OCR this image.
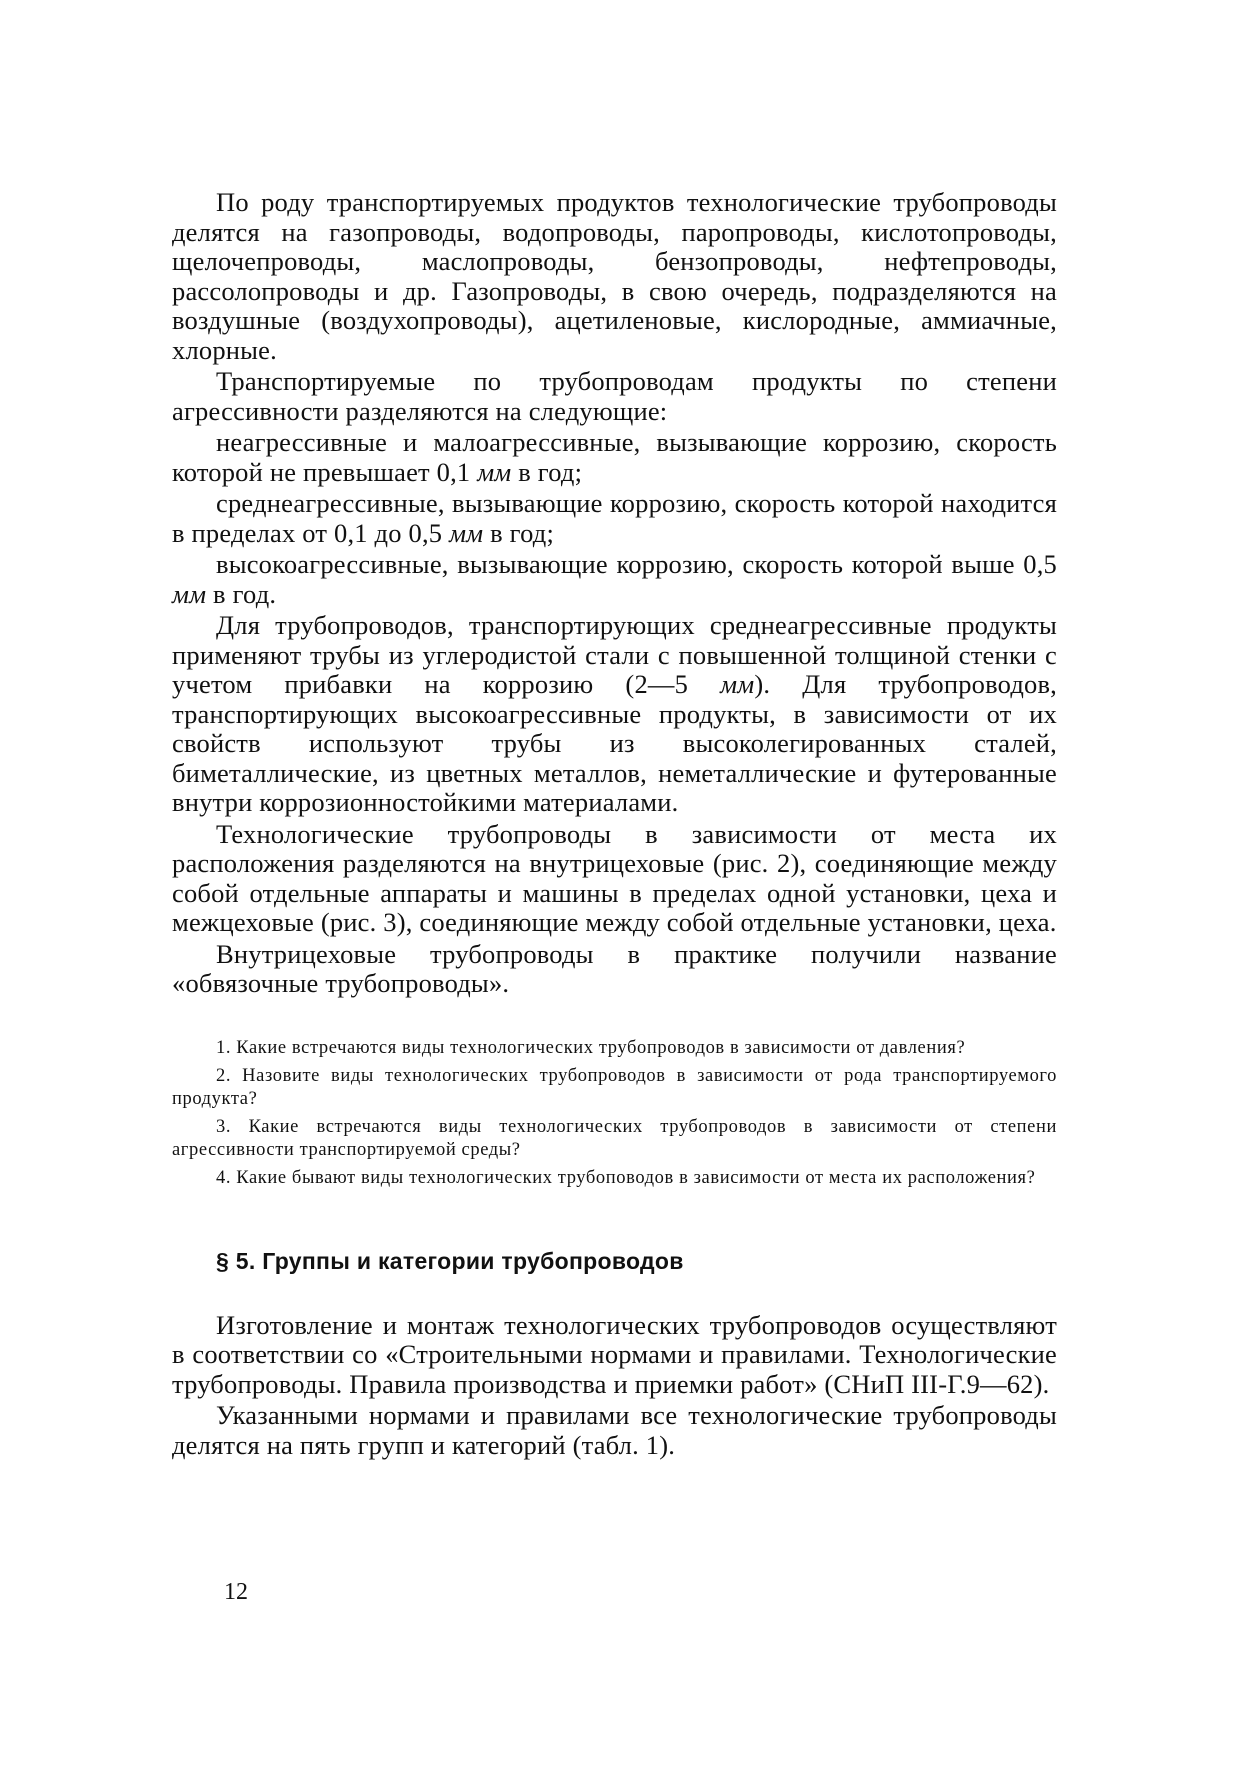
По роду транспортируемых продуктов технологические трубопроводы делятся на газопроводы, водопроводы, паропроводы, кислотопроводы, щелочепроводы, маслопроводы, бензопроводы, нефтепроводы, рассолопроводы и др. Газопроводы, в свою очередь, подразделяются на воздушные (воздухопроводы), ацетиленовые, кислородные, аммиачные, хлорные.

Транспортируемые по трубопроводам продукты по степени агрессивности разделяются на следующие:

неагрессивные и малоагрессивные, вызывающие коррозию, скорость которой не превышает 0,1 мм в год;

среднеагрессивные, вызывающие коррозию, скорость которой находится в пределах от 0,1 до 0,5 мм в год;

высокоагрессивные, вызывающие коррозию, скорость которой выше 0,5 мм в год.

Для трубопроводов, транспортирующих среднеагрессивные продукты применяют трубы из углеродистой стали с повышенной толщиной стенки с учетом прибавки на коррозию (2—5 мм). Для трубопроводов, транспортирующих высокоагрессивные продукты, в зависимости от их свойств используют трубы из высоколегированных сталей, биметаллические, из цветных металлов, неметаллические и футерованные внутри коррозионностойкими материалами.

Технологические трубопроводы в зависимости от места их расположения разделяются на внутрицеховые (рис. 2), соединяющие между собой отдельные аппараты и машины в пределах одной установки, цеха и межцеховые (рис. 3), соединяющие между собой отдельные установки, цеха.

Внутрицеховые трубопроводы в практике получили название «обвязочные трубопроводы».

1. Какие встречаются виды технологических трубопроводов в зависимости от давления?

2. Назовите виды технологических трубопроводов в зависимости от рода транспортируемого продукта?

3. Какие встречаются виды технологических трубопроводов в зависимости от степени агрессивности транспортируемой среды?

4. Какие бывают виды технологических трубоповодов в зависимости от места их расположения?

§ 5. Группы и категории трубопроводов

Изготовление и монтаж технологических трубопроводов осуществляют в соответствии со «Строительными нормами и правилами. Технологические трубопроводы. Правила производства и приемки работ» (СНиП III-Г.9—62).

Указанными нормами и правилами все технологические трубопроводы делятся на пять групп и категорий (табл. 1).

12
